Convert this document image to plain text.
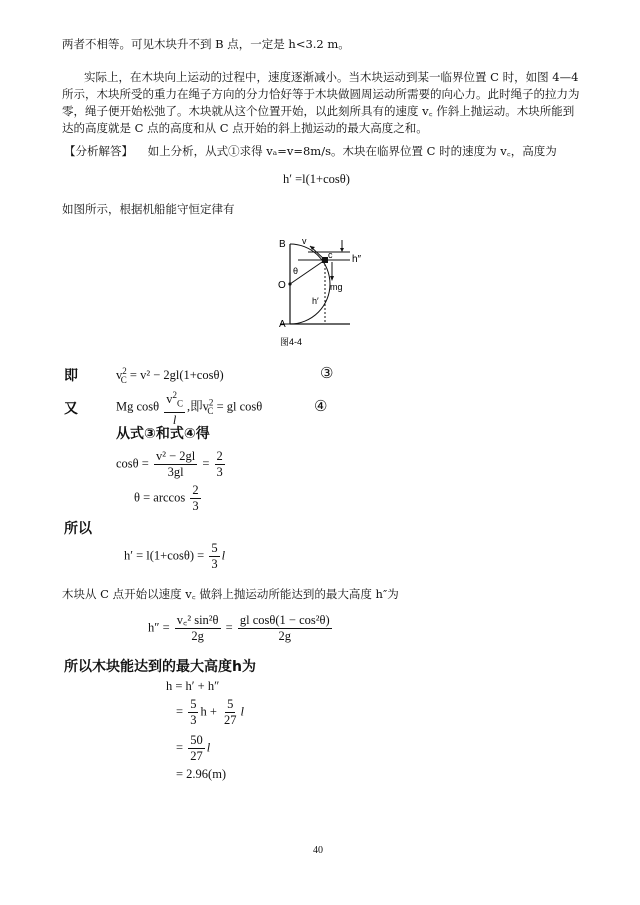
两者不相等。可见木块升不到 B 点，一定是 h<3.2 m。
实际上，在木块向上运动的过程中，速度逐渐减小。当木块运动到某一临界位置 C 时，如图 4—4 所示，木块所受的重力在绳子方向的分力恰好等于木块做圆周运动所需要的向心力。此时绳子的拉力为零，绳子便开始松弛了。木块就从这个位置开始，以此刻所具有的速度 v꜀ 作斜上抛运动。木块所能到达的高度就是 C 点的高度和从 C 点开始的斜上抛运动的最大高度之和。
【分析解答】 如上分析，从式①求得 vₐ=v=8m/s。木块在临界位置 C 时的速度为 v꜀，高度为
h′ =l(1+cosθ)
如图所示，根据机船能守恒定律有
B v
c h″
θ
O	mg
h′
A
图4-4
即	$v^2_C = v^2 - 2gl(1+\cos\theta)$	③
又	Mg cosθ $\frac{v^2_C}{l}$ ,即$v^2_C$ = gl cosθ	④
从式③和式④得
$\cos\theta = \frac{\text{v² − 2gl}}{3gl} = \frac{2}{3}$
$\theta = \arccos \frac{2}{3}$
所以
$h' = l(1+\cos\theta) = \frac{5}{3}$ l
木块从 C 点开始以速度 v꜀ 做斜上抛运动所能达到的最大高度 h″为
$h'' = \frac{\text{v꜀² sin²θ}}{2g} = \frac{\text{gl cosθ(1 − cos²θ)}}{2g}$
所以木块能达到的最大高度h为
h = h′ + h″
= $\frac{5}{3}$ $h + \frac{5}{27}$ l
= $\frac{50}{27}$ l
= 2.96(m)
40
